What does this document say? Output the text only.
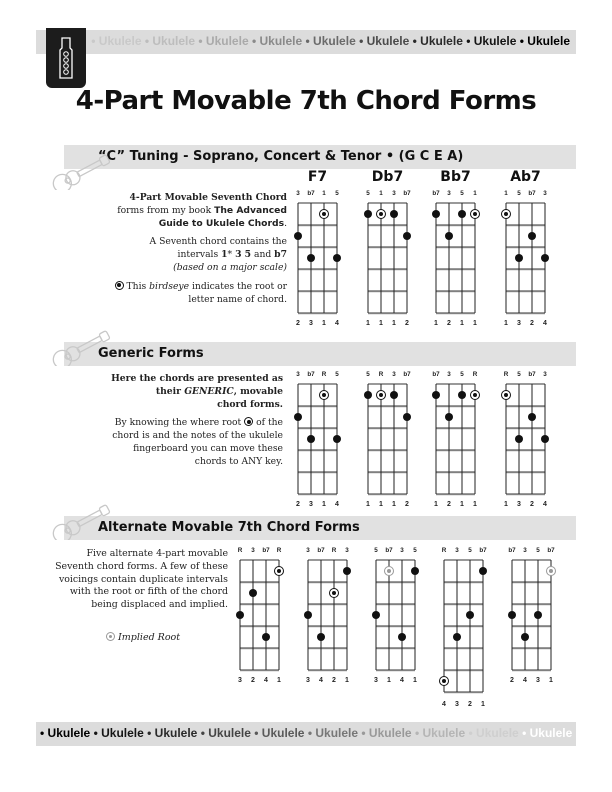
• Ukulele • Ukulele • Ukulele • Ukulele • Ukulele • Ukulele • Ukulele • Ukulele • Ukulele
4-Part Movable 7th Chord Forms
“C” Tuning - Soprano, Concert & Tenor • (G C E A)

4-Part Movable Seventh Chord
forms from my book The Advanced
Guide to Ukulele Chords.

A Seventh chord contains the
intervals 1* 3 5 and b7
(based on a major scale)

This birdseye indicates the root or
letter name of chord.

Generic Forms

Here the chords are presented as
their GENERIC, movable
chord forms.

By knowing the where root  of the
chord is and the notes of the ukulele
fingerboard you can move these
chords to ANY key.

Alternate Movable 7th Chord Forms

Five alternate 4-part movable
Seventh chord forms. A few of these
voicings contain duplicate intervals
with the root or fifth of the chord
being displaced and implied.

Implied Root
F7
3	b7	1	5
2	3	1	4
Db7
5	1	3	b7
1	1	1	2
Bb7
b7	3	5	1
1	2	1	1
Ab7
1	5	b7	3
1	3	2	4
3	b7	R	5
2	3	1	4
5	R	3	b7
1	1	1	2
b7	3	5	R
1	2	1	1
R	5	b7	3
1	3	2	4
R	3	b7	R
3	2	4	1
3	b7	R	3
3	4	2	1
5	b7	3	5
3	1	4	1
R	3	5	b7
4	3	2	1
b7	3	5	b7
2	4	3	1
• Ukulele • Ukulele • Ukulele • Ukulele • Ukulele • Ukulele • Ukulele • Ukulele • Ukulele • Ukulele
